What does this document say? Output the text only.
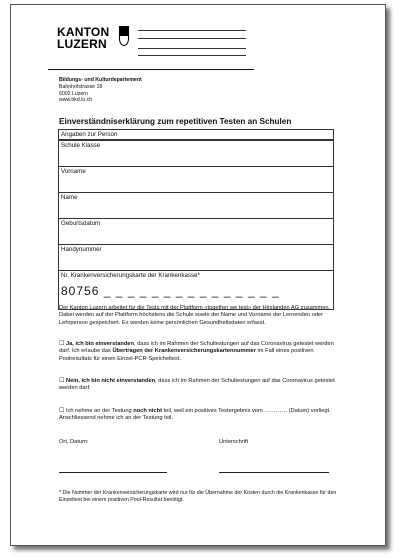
KANTON
LUZERN
Bildungs- und Kulturdepartement
Bahnhofstrasse 18
6002 Luzern
www.bkd.lu.ch
Einverständniserklärung zum repetitiven Testen an Schulen
Angaben zur Person
Schule Klasse
Vorname
Name
Geburtsdatum
Handynummer

Nr. Krankenversicherungskarte der Krankenkasse*
80756 _ _ _ _ _ _ _ _ _ _ _ _ _ _ _
Der Kanton Luzern arbeitet für die Tests mit der Plattform «together we test» der Hirslanden AG zusammen. Dabei werden auf der Plattform höchstens die Schule sowie der Name und Vorname der Lernenden oder Lehrperson gespeichert. Es werden keine persönlichen Gesundheitsdaten erfasst.
☐ Ja, ich bin einverstanden, dass ich im Rahmen der Schultestungen auf das Coronavirus getestet werden darf. Ich erlaube das Übertragen der Krankenversicherungskartennummer im Fall eines positiven Poolresultats für einen Einzel-PCR-Speicheltest.
☐ Nein, ich bin nicht einverstanden, dass ich im Rahmen der Schultestungen auf das Coronavirus getestet werden darf.
☐ Ich nehme an der Testung noch nicht teil, weil ein positives Testergebnis vom ………… (Datum) vorliegt. Anschliessend nehme ich an der Testung teil.
Ort, Datum:	Unterschrift
* Die Nummer der Krankenversicherungskarte wird nur für die Übernahme der Kosten durch die Krankenkasse für den Einzeltest bei einem positiven Pool-Resultat benötigt.
